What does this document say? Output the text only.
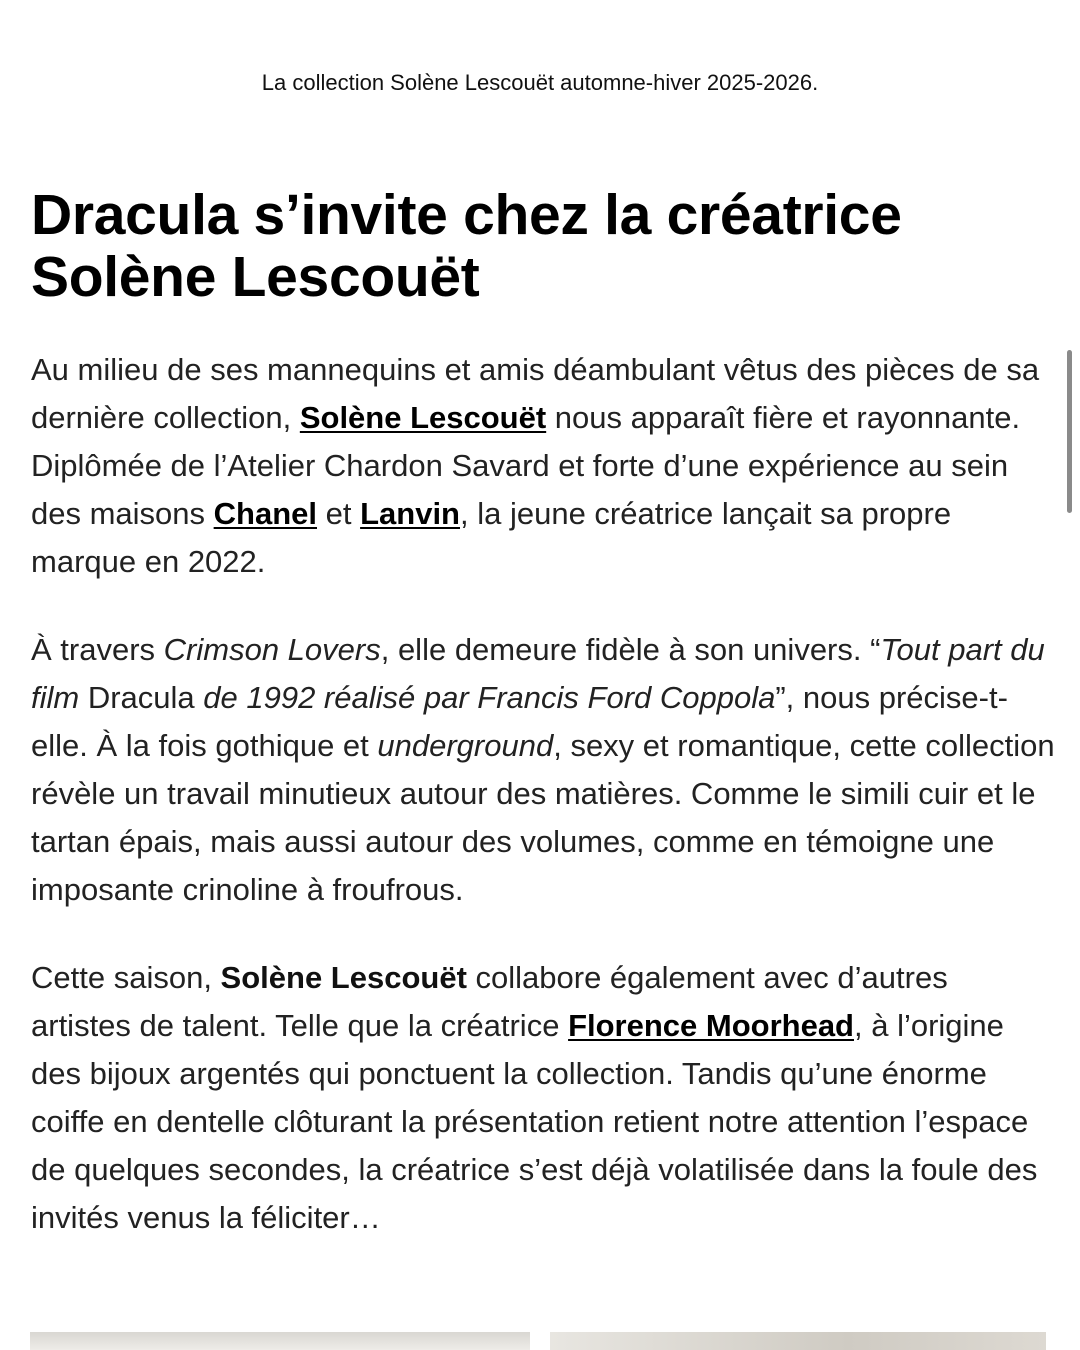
La collection Solène Lescouët automne-hiver 2025-2026.
Dracula s’invite chez la créatrice Solène Lescouët

Au milieu de ses mannequins et amis déambulant vêtus des pièces de sa dernière collection, Solène Lescouët nous apparaît fière et rayonnante. Diplômée de l’Atelier Chardon Savard et forte d’une expérience au sein des maisons Chanel et Lanvin, la jeune créatrice lançait sa propre marque en 2022.

À travers Crimson Lovers, elle demeure fidèle à son univers. “Tout part du film Dracula de 1992 réalisé par Francis Ford Coppola”, nous précise-t-elle. À la fois gothique et underground, sexy et romantique, cette collection révèle un travail minutieux autour des matières. Comme le simili cuir et le tartan épais, mais aussi autour des volumes, comme en témoigne une imposante crinoline à froufrous.

Cette saison, Solène Lescouët collabore également avec d’autres artistes de talent. Telle que la créatrice Florence Moorhead, à l’origine des bijoux argentés qui ponctuent la collection. Tandis qu’une énorme coiffe en dentelle clôturant la présentation retient notre attention l’espace de quelques secondes, la créatrice s’est déjà volatilisée dans la foule des invités venus la féliciter…
